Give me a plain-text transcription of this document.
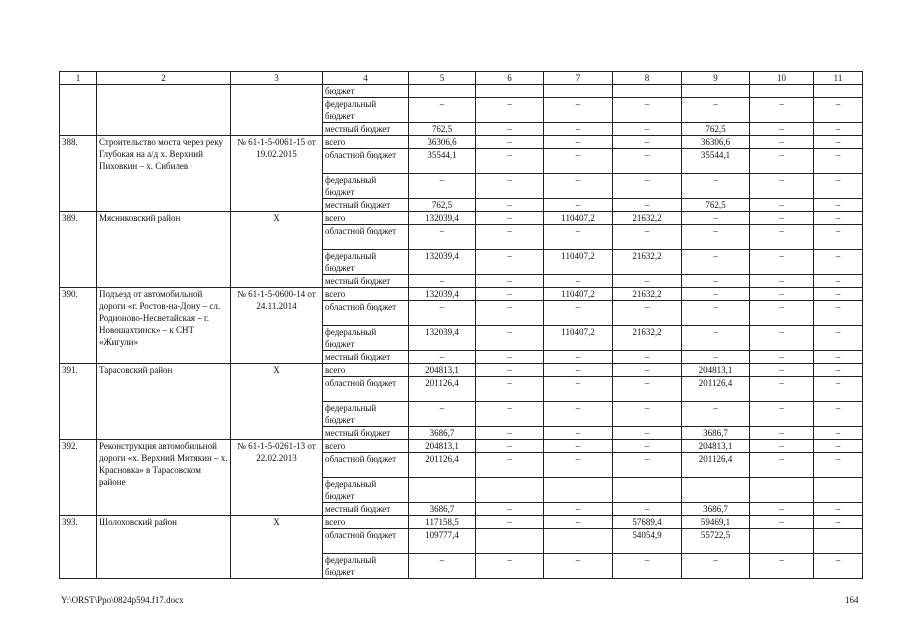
1	2	3	4	5	6	7	8	9	10	11
			бюджет							
			федеральный бюджет	–	–	–	–	–	–	–
			местный бюджет	762,5	–	–	–	762,5	–	–
388.	Строительство моста через реку Глубокая на а/д х. Верхний Пиховкин – х. Сибилев	№ 61-1-5-0061-15 от 19.02.2015	всего	36306,6	–	–	–	36306,6	–	–
			областной бюджет	35544,1	–	–	–	35544,1	–	–
			федеральный бюджет	–	–	–	–	–	–	–
			местный бюджет	762,5	–	–	–	762,5	–	–
389.	Мясниковский район	Х	всего	132039,4	–	110407,2	21632,2	–	–	–
			областной бюджет	–	–	–	–	–	–	–
			федеральный бюджет	132039,4	–	110407,2	21632,2	–	–	–
			местный бюджет	–	–	–	–	–	–	–
390.	Подъезд от автомобильной дороги «г. Ростов-на-Дону – сл. Родионово-Несветайская – г. Новошахтинск» – к СНТ «Жигули»	№ 61-1-5-0600-14 от 24.11.2014	всего	132039,4	–	110407,2	21632,2	–	–	–
			областной бюджет	–	–	–	–	–	–	–
			федеральный бюджет	132039,4	–	110407,2	21632,2	–	–	–
			местный бюджет	–	–	–	–	–	–	–
391.	Тарасовский район	Х	всего	204813,1	–	–	–	204813,1	–	–
			областной бюджет	201126,4	–	–	–	201126,4	–	–
			федеральный бюджет	–	–	–	–	–	–	–
			местный бюджет	3686,7	–	–	–	3686,7	–	–
392.	Реконструкция автомобильной дороги «х. Верхний Митякин – х. Красновка» в Тарасовском районе	№ 61-1-5-0261-13 от 22.02.2013	всего	204813,1	–	–	–	204813,1	–	–
			областной бюджет	201126,4	–	–	–	201126,4	–	–
			федеральный бюджет							
			местный бюджет	3686,7	–	–	–	3686,7	–	–
393.	Шолоховский район	Х	всего	117158,5	–	–	57689,4	59469,1	–	–
			областной бюджет	109777,4			54054,9	55722,5		
			федеральный бюджет	–	–	–	–	–	–	–
Y:\ORST\Ppo\0824p594.f17.docx	164
